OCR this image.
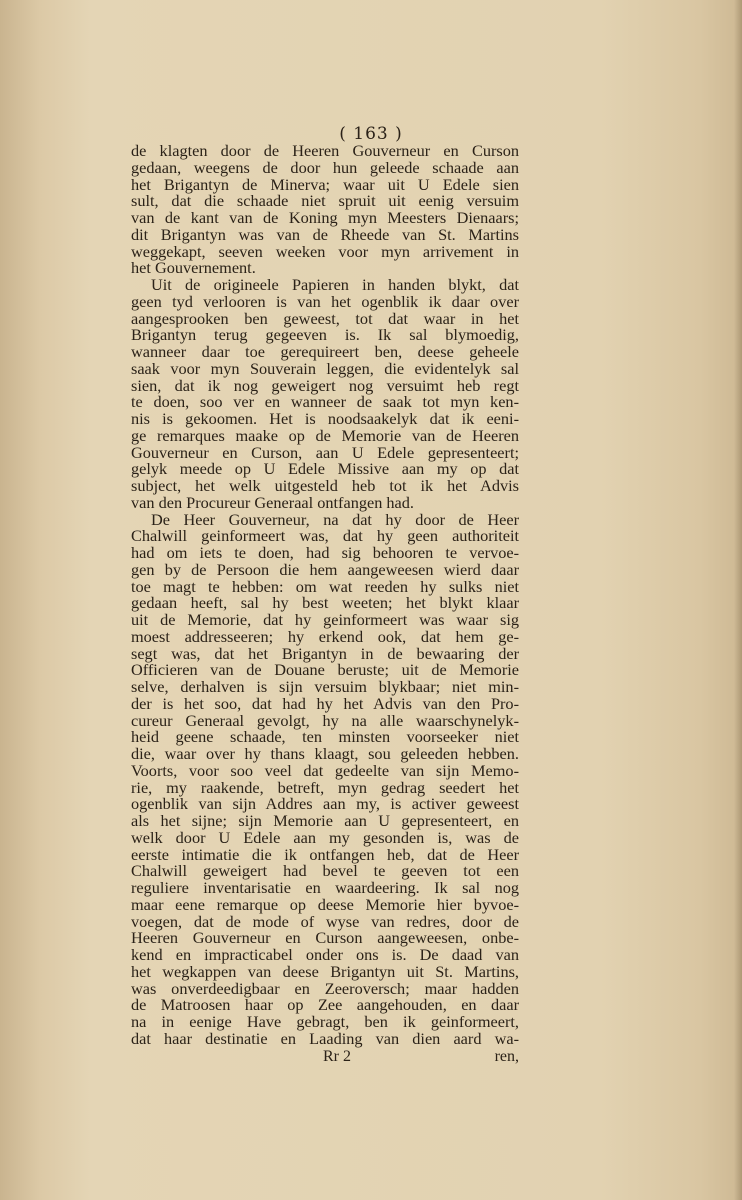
( 163 )
de klagten door de Heeren Gouverneur en Curson
gedaan, weegens de door hun geleede schaade aan
het Brigantyn de Minerva; waar uit U Edele sien
sult, dat die schaade niet spruit uit eenig versuim
van de kant van de Koning myn Meesters Dienaars;
dit Brigantyn was van de Rheede van St. Martins
weggekapt, seeven weeken voor myn arrivement in
het Gouvernement.
Uit de origineele Papieren in handen blykt, dat
geen tyd verlooren is van het ogenblik ik daar over
aangesprooken ben geweest, tot dat waar in het
Brigantyn terug gegeeven is. Ik sal blymoedig,
wanneer daar toe gerequireert ben, deese geheele
saak voor myn Souverain leggen, die evidentelyk sal
sien, dat ik nog geweigert nog versuimt heb regt
te doen, soo ver en wanneer de saak tot myn ken-
nis is gekoomen. Het is noodsaakelyk dat ik eeni-
ge remarques maake op de Memorie van de Heeren
Gouverneur en Curson, aan U Edele gepresenteert;
gelyk meede op U Edele Missive aan my op dat
subject, het welk uitgesteld heb tot ik het Advis
van den Procureur Generaal ontfangen had.
De Heer Gouverneur, na dat hy door de Heer
Chalwill geinformeert was, dat hy geen authoriteit
had om iets te doen, had sig behooren te vervoe-
gen by de Persoon die hem aangeweesen wierd daar
toe magt te hebben: om wat reeden hy sulks niet
gedaan heeft, sal hy best weeten; het blykt klaar
uit de Memorie, dat hy geinformeert was waar sig
moest addresseeren; hy erkend ook, dat hem ge-
segt was, dat het Brigantyn in de bewaaring der
Officieren van de Douane beruste; uit de Memorie
selve, derhalven is sijn versuim blykbaar; niet min-
der is het soo, dat had hy het Advis van den Pro-
cureur Generaal gevolgt, hy na alle waarschynelyk-
heid geene schaade, ten minsten voorseeker niet
die, waar over hy thans klaagt, sou geleeden hebben.
Voorts, voor soo veel dat gedeelte van sijn Memo-
rie, my raakende, betreft, myn gedrag seedert het
ogenblik van sijn Addres aan my, is activer geweest
als het sijne; sijn Memorie aan U gepresenteert, en
welk door U Edele aan my gesonden is, was de
eerste intimatie die ik ontfangen heb, dat de Heer
Chalwill geweigert had bevel te geeven tot een
reguliere inventarisatie en waardeering. Ik sal nog
maar eene remarque op deese Memorie hier byvoe-
voegen, dat de mode of wyse van redres, door de
Heeren Gouverneur en Curson aangeweesen, onbe-
kend en impracticabel onder ons is. De daad van
het wegkappen van deese Brigantyn uit St. Martins,
was onverdeedigbaar en Zeeroversch; maar hadden
de Matroosen haar op Zee aangehouden, en daar
na in eenige Have gebragt, ben ik geinformeert,
dat haar destinatie en Laading van dien aard wa-
Rr 2	ren,
